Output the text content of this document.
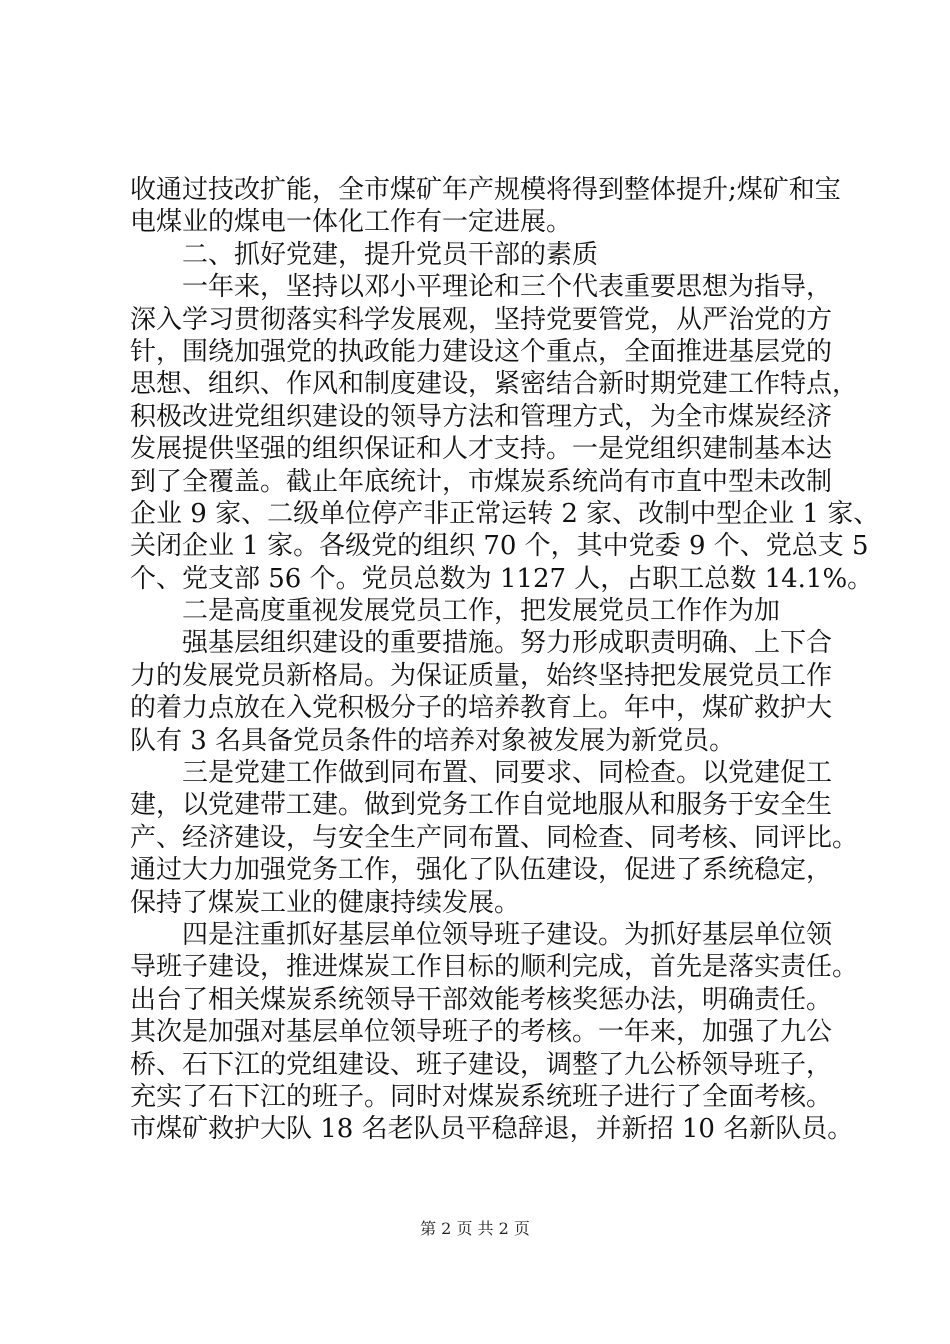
收通过技改扩能，全市煤矿年产规模将得到整体提升;煤矿和宝
电煤业的煤电一体化工作有一定进展。
二、抓好党建，提升党员干部的素质
一年来，坚持以邓小平理论和三个代表重要思想为指导，
深入学习贯彻落实科学发展观，坚持党要管党，从严治党的方
针，围绕加强党的执政能力建设这个重点，全面推进基层党的
思想、组织、作风和制度建设，紧密结合新时期党建工作特点，
积极改进党组织建设的领导方法和管理方式，为全市煤炭经济
发展提供坚强的组织保证和人才支持。一是党组织建制基本达
到了全覆盖。截止年底统计，市煤炭系统尚有市直中型未改制
企业 9 家、二级单位停产非正常运转 2 家、改制中型企业 1 家、
关闭企业 1 家。各级党的组织 70 个，其中党委 9 个、党总支 5
个、党支部 56 个。党员总数为 1127 人，占职工总数 14.1%。
二是高度重视发展党员工作，把发展党员工作作为加
强基层组织建设的重要措施。努力形成职责明确、上下合
力的发展党员新格局。为保证质量，始终坚持把发展党员工作
的着力点放在入党积极分子的培养教育上。年中，煤矿救护大
队有 3 名具备党员条件的培养对象被发展为新党员。
三是党建工作做到同布置、同要求、同检查。以党建促工
建，以党建带工建。做到党务工作自觉地服从和服务于安全生
产、经济建设，与安全生产同布置、同检查、同考核、同评比。
通过大力加强党务工作，强化了队伍建设，促进了系统稳定，
保持了煤炭工业的健康持续发展。
四是注重抓好基层单位领导班子建设。为抓好基层单位领
导班子建设，推进煤炭工作目标的顺利完成，首先是落实责任。
出台了相关煤炭系统领导干部效能考核奖惩办法，明确责任。
其次是加强对基层单位领导班子的考核。一年来，加强了九公
桥、石下江的党组建设、班子建设，调整了九公桥领导班子，
充实了石下江的班子。同时对煤炭系统班子进行了全面考核。
市煤矿救护大队 18 名老队员平稳辞退，并新招 10 名新队员。
第 2 页 共 2 页
